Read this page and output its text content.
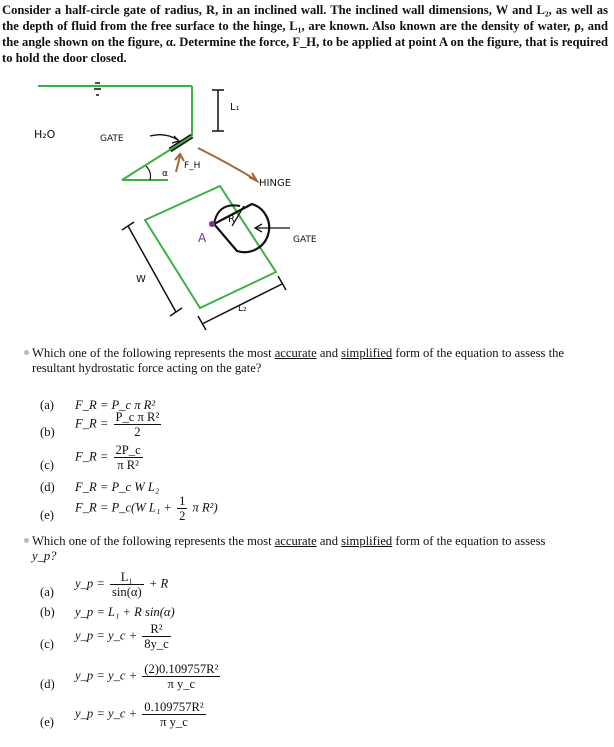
Consider a half-circle gate of radius, R, in an inclined wall. The inclined wall dimensions, W and L₂, as well as the depth of fluid from the free surface to the hinge, L₁, are known. Also known are the density of water, ρ, and the angle shown on the figure, α. Determine the force, F_H, to be applied at point A on the figure, that is required to hold the door closed.
H₂O	GATE
α
F_H
L₁
HINGE
R
A	GATE
W
L₂
Which one of the following represents the most accurate and simplified form of the equation to assess the resultant hydrostatic force acting on the gate?
(a) F_R = P_c π R²
(b)
F_R = $\frac{\text{P\_c π R²}}{2}$
(c)
F_R = $\frac{2P\_c}{\text{π R²}}$
(d) F_R = P_c W L₂
(e)
F_R = P_c(W $L_1 + \frac{1}{2}$ π R²)
Which one of the following represents the most accurate and simplified form of the equation to assess
y_p?
(a)
y_p = $\frac{\text{L₁}}{\sin(\alpha)} + R$
(b) y_p = L₁ + R sin(α)
(c)
y_p = y_c + $\frac{\text{R²}}{8y\_c}$
(d)
y_p = y_c + $\frac{\text{(2)0.109757R²}}{\text{π y\_c}}$
(e)
y_p = y_c + $\frac{\text{0.109757R²}}{\text{π y\_c}}$
